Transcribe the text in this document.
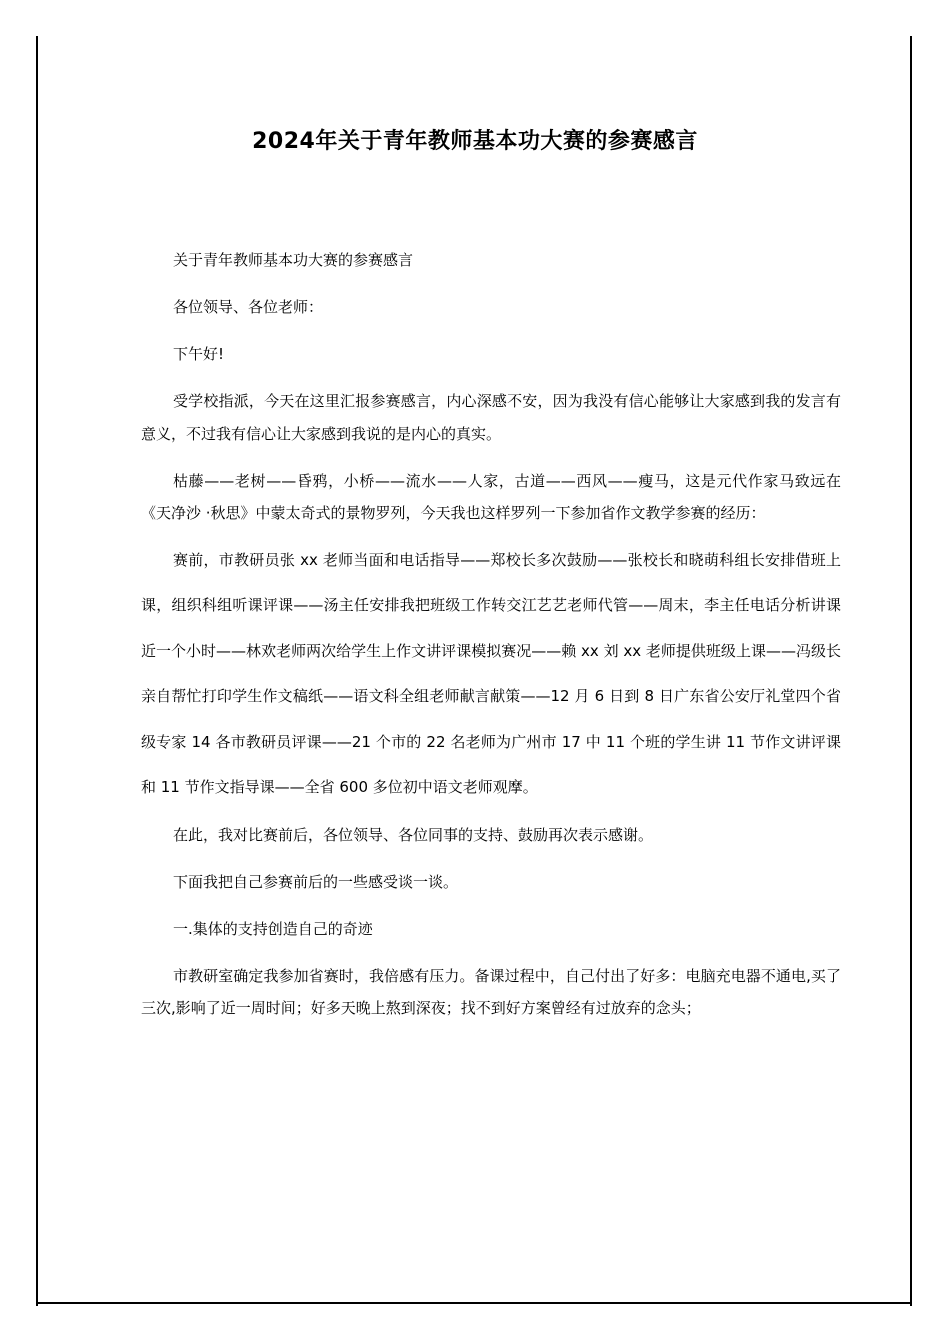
2024年关于青年教师基本功大赛的参赛感言

关于青年教师基本功大赛的参赛感言

各位领导、各位老师：

下午好!

受学校指派，今天在这里汇报参赛感言，内心深感不安，因为我没有信心能够让大家感到我的发言有意义，不过我有信心让大家感到我说的是内心的真实。

枯藤——老树——昏鸦，小桥——流水——人家，古道——西风——瘦马，这是元代作家马致远在《天净沙 ·秋思》中蒙太奇式的景物罗列，今天我也这样罗列一下参加省作文教学参赛的经历：

赛前，市教研员张 xx 老师当面和电话指导——郑校长多次鼓励——张校长和晓萌科组长安排借班上课，组织科组听课评课——汤主任安排我把班级工作转交江艺艺老师代管——周末，李主任电话分析讲课近一个小时——林欢老师两次给学生上作文讲评课模拟赛况——赖 xx 刘 xx 老师提供班级上课——冯级长亲自帮忙打印学生作文稿纸——语文科全组老师献言献策——12 月 6 日到 8 日广东省公安厅礼堂四个省级专家 14 各市教研员评课——21 个市的 22 名老师为广州市 17 中 11 个班的学生讲 11 节作文讲评课和 11 节作文指导课——全省 600 多位初中语文老师观摩。

在此，我对比赛前后，各位领导、各位同事的支持、鼓励再次表示感谢。

下面我把自己参赛前后的一些感受谈一谈。

一.集体的支持创造自己的奇迹

市教研室确定我参加省赛时，我倍感有压力。备课过程中，自己付出了好多：电脑充电器不通电,买了三次,影响了近一周时间；好多天晚上熬到深夜；找不到好方案曾经有过放弃的念头；
